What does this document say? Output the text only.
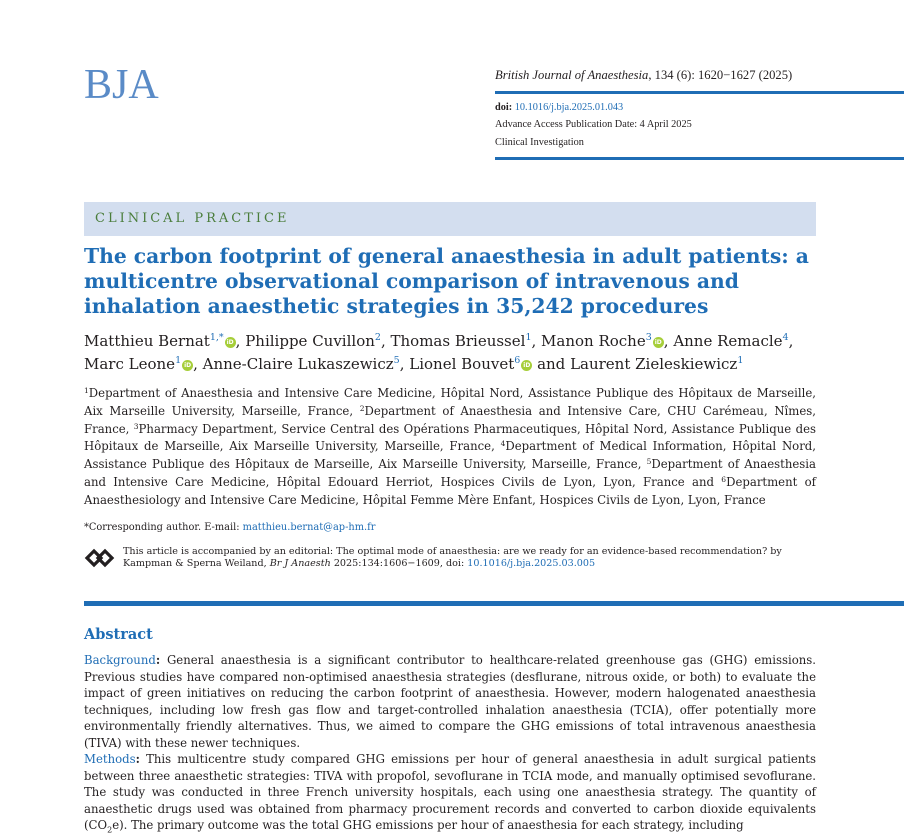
BJA	British Journal of Anaesthesia, 134 (6): 1620−1627 (2025)
doi: 10.1016/j.bja.2025.01.043
Advance Access Publication Date: 4 April 2025
Clinical Investigation
CLINICAL PRACTICE
The carbon footprint of general anaesthesia in adult patients: a multicentre observational comparison of intravenous and inhalation anaesthetic strategies in 35,242 procedures
Matthieu Bernat$^{1,*}$ iD , Philippe Cuvillon$^2$, Thomas Brieussel$^1$, Manon Roche$^3$ iD , Anne Remacle$^4$, Marc Leone$^1$ iD , Anne-Claire Lukaszewicz$^5$, Lionel Bouvet$^6$ iD and Laurent Zieleskiewicz$^1$
$^1$Department of Anaesthesia and Intensive Care Medicine, Hôpital Nord, Assistance Publique des Hôpitaux de Marseille, Aix Marseille University, Marseille, France, $^2$Department of Anaesthesia and Intensive Care, CHU Carémeau, Nîmes, France, $^3$Pharmacy Department, Service Central des Opérations Pharmaceutiques, Hôpital Nord, Assistance Publique des Hôpitaux de Marseille, Aix Marseille University, Marseille, France, $^4$Department of Medical Information, Hôpital Nord, Assistance Publique des Hôpitaux de Marseille, Aix Marseille University, Marseille, France, $^5$Department of Anaesthesia and Intensive Care Medicine, Hôpital Edouard Herriot, Hospices Civils de Lyon, Lyon, France and $^6$Department of Anaesthesiology and Intensive Care Medicine, Hôpital Femme Mère Enfant, Hospices Civils de Lyon, Lyon, France
*Corresponding author. E-mail: matthieu.bernat@ap-hm.fr
This article is accompanied by an editorial: The optimal mode of anaesthesia: are we ready for an evidence-based recommendation? by Kampman & Sperna Weiland, Br J Anaesth 2025:134:1606−1609, doi: 10.1016/j.bja.2025.03.005
Abstract

Background: General anaesthesia is a significant contributor to healthcare-related greenhouse gas (GHG) emissions. Previous studies have compared non-optimised anaesthesia strategies (desflurane, nitrous oxide, or both) to evaluate the impact of green initiatives on reducing the carbon footprint of anaesthesia. However, modern halogenated anaesthesia techniques, including low fresh gas flow and target-controlled inhalation anaesthesia (TCIA), offer potentially more environmentally friendly alternatives. Thus, we aimed to compare the GHG emissions of total intravenous anaesthesia (TIVA) with these newer techniques.

Methods: This multicentre study compared GHG emissions per hour of general anaesthesia in adult surgical patients between three anaesthetic strategies: TIVA with propofol, sevoflurane in TCIA mode, and manually optimised sevoflurane. The study was conducted in three French university hospitals, each using one anaesthesia strategy. The quantity of anaesthetic drugs used was obtained from pharmacy procurement records and converted to carbon dioxide equivalents $(CO_2e)$. The primary outcome was the total GHG emissions per hour of anaesthesia for each strategy, including
